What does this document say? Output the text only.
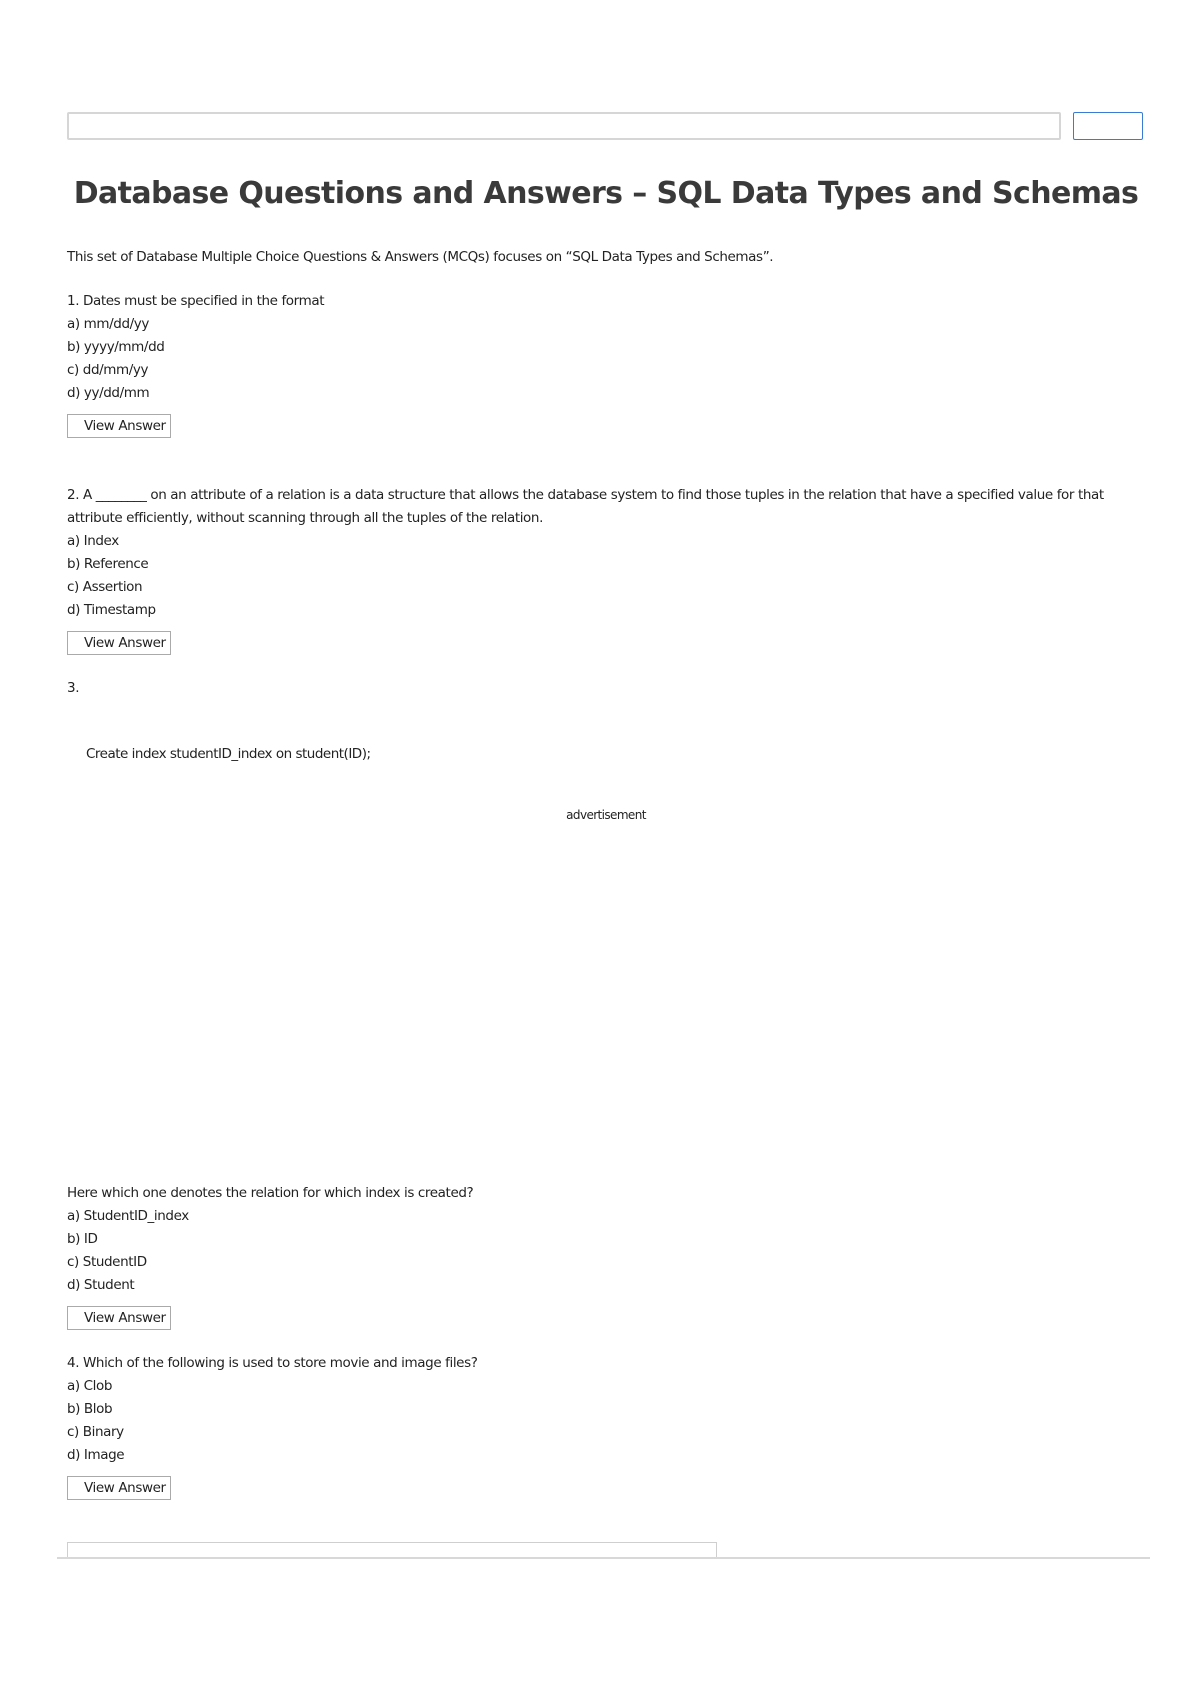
Database Questions and Answers – SQL Data Types and Schemas
This set of Database Multiple Choice Questions & Answers (MCQs) focuses on “SQL Data Types and Schemas”.
1. Dates must be specified in the format
a) mm/dd/yy
b) yyyy/mm/dd
c) dd/mm/yy
d) yy/dd/mm
View Answer
2. A ________ on an attribute of a relation is a data structure that allows the database system to find those tuples in the relation that have a specified value for that attribute efficiently, without scanning through all the tuples of the relation.
a) Index
b) Reference
c) Assertion
d) Timestamp
View Answer
3.
Create index studentID_index on student(ID);
advertisement
Here which one denotes the relation for which index is created?
a) StudentID_index
b) ID
c) StudentID
d) Student
View Answer
4. Which of the following is used to store movie and image files?
a) Clob
b) Blob
c) Binary
d) Image
View Answer
